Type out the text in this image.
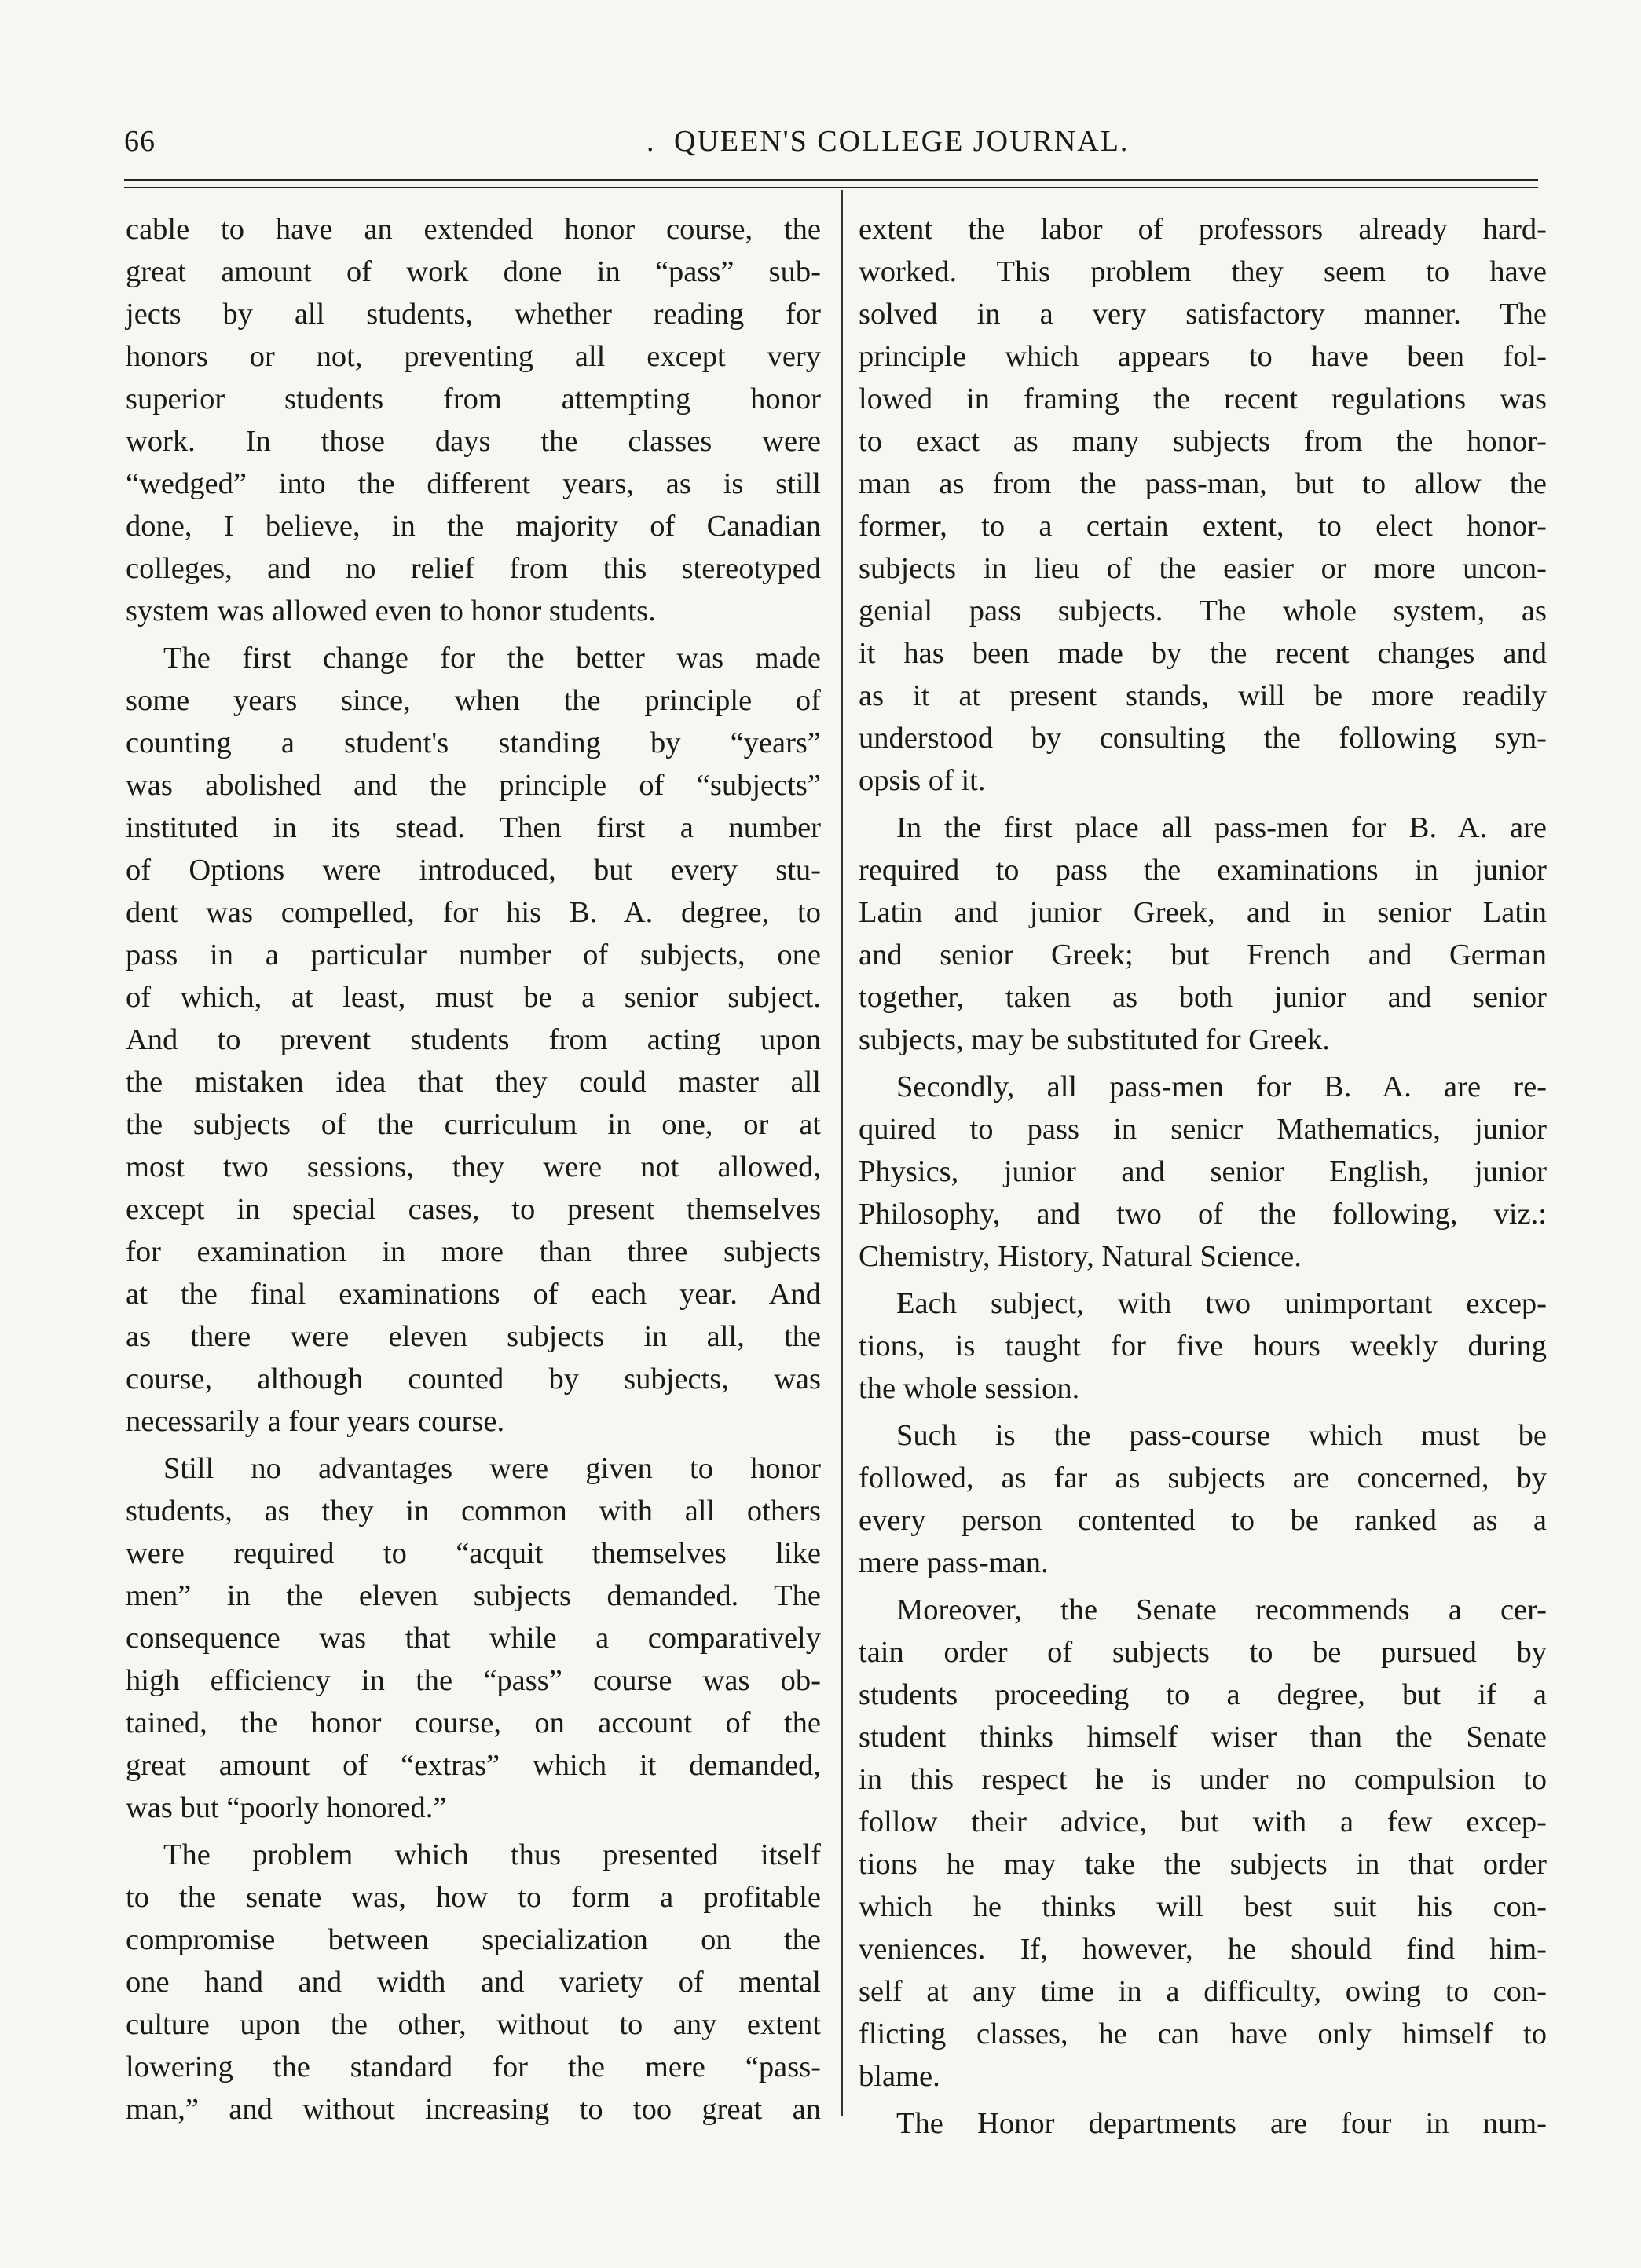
66	. QUEEN'S COLLEGE JOURNAL.
cable to have an extended honor course, the
great amount of work done in “pass” sub-
jects by all students, whether reading for
honors or not, preventing all except very
superior students from attempting honor
work. In those days the classes were
“wedged” into the different years, as is still
done, I believe, in the majority of Canadian
colleges, and no relief from this stereotyped
system was allowed even to honor students.
The first change for the better was made
some years since, when the principle of
counting a student's standing by “years”
was abolished and the principle of “subjects”
instituted in its stead. Then first a number
of Options were introduced, but every stu-
dent was compelled, for his B. A. degree, to
pass in a particular number of subjects, one
of which, at least, must be a senior subject.
And to prevent students from acting upon
the mistaken idea that they could master all
the subjects of the curriculum in one, or at
most two sessions, they were not allowed,
except in special cases, to present themselves
for examination in more than three subjects
at the final examinations of each year. And
as there were eleven subjects in all, the
course, although counted by subjects, was
necessarily a four years course.
Still no advantages were given to honor
students, as they in common with all others
were required to “acquit themselves like
men” in the eleven subjects demanded. The
consequence was that while a comparatively
high efficiency in the “pass” course was ob-
tained, the honor course, on account of the
great amount of “extras” which it demanded,
was but “poorly honored.”
The problem which thus presented itself
to the senate was, how to form a profitable
compromise between specialization on the
one hand and width and variety of mental
culture upon the other, without to any extent
lowering the standard for the mere “pass-
man,” and without increasing to too great an
extent the labor of professors already hard-
worked. This problem they seem to have
solved in a very satisfactory manner. The
principle which appears to have been fol-
lowed in framing the recent regulations was
to exact as many subjects from the honor-
man as from the pass-man, but to allow the
former, to a certain extent, to elect honor-
subjects in lieu of the easier or more uncon-
genial pass subjects. The whole system, as
it has been made by the recent changes and
as it at present stands, will be more readily
understood by consulting the following syn-
opsis of it.
In the first place all pass-men for B. A. are
required to pass the examinations in junior
Latin and junior Greek, and in senior Latin
and senior Greek; but French and German
together, taken as both junior and senior
subjects, may be substituted for Greek.
Secondly, all pass-men for B. A. are re-
quired to pass in senicr Mathematics, junior
Physics, junior and senior English, junior
Philosophy, and two of the following, viz.:
Chemistry, History, Natural Science.
Each subject, with two unimportant excep-
tions, is taught for five hours weekly during
the whole session.
Such is the pass-course which must be
followed, as far as subjects are concerned, by
every person contented to be ranked as a
mere pass-man.
Moreover, the Senate recommends a cer-
tain order of subjects to be pursued by
students proceeding to a degree, but if a
student thinks himself wiser than the Senate
in this respect he is under no compulsion to
follow their advice, but with a few excep-
tions he may take the subjects in that order
which he thinks will best suit his con-
veniences. If, however, he should find him-
self at any time in a difficulty, owing to con-
flicting classes, he can have only himself to
blame.
The Honor departments are four in num-
